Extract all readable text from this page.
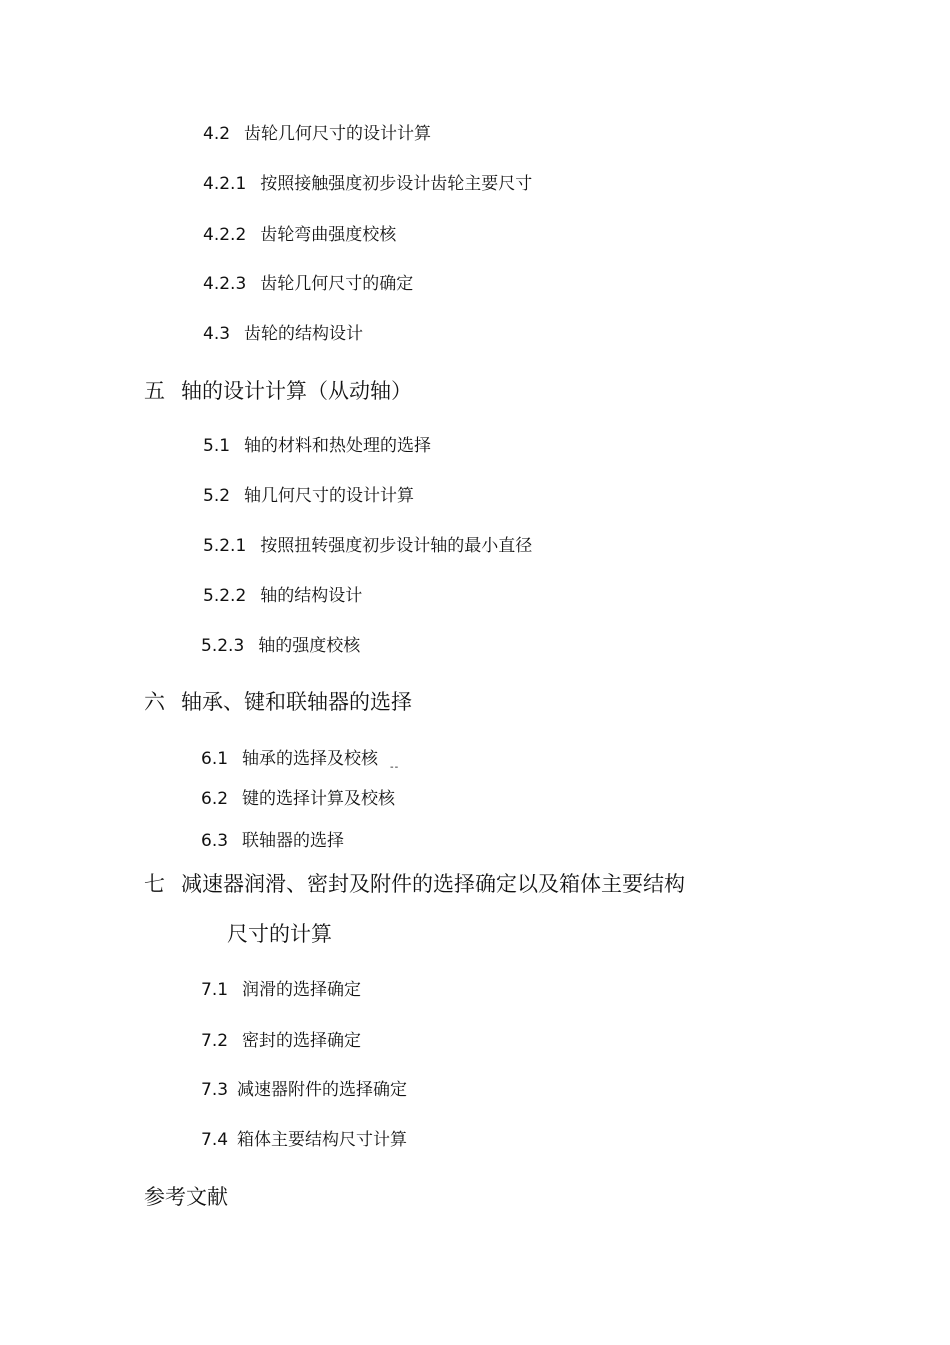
4.2 齿轮几何尺寸的设计计算
4.2.1 按照接触强度初步设计齿轮主要尺寸
4.2.2 齿轮弯曲强度校核
4.2.3 齿轮几何尺寸的确定
4.3 齿轮的结构设计
五 轴的设计计算（从动轴）
5.1 轴的材料和热处理的选择
5.2 轴几何尺寸的设计计算
5.2.1 按照扭转强度初步设计轴的最小直径
5.2.2 轴的结构设计
5.2.3 轴的强度校核
六 轴承、键和联轴器的选择
6.1 轴承的选择及校核 --
6.2 键的选择计算及校核
6.3 联轴器的选择
七 减速器润滑、密封及附件的选择确定以及箱体主要结构
尺寸的计算
7.1 润滑的选择确定
7.2 密封的选择确定
7.3 减速器附件的选择确定
7.4 箱体主要结构尺寸计算
参考文献
